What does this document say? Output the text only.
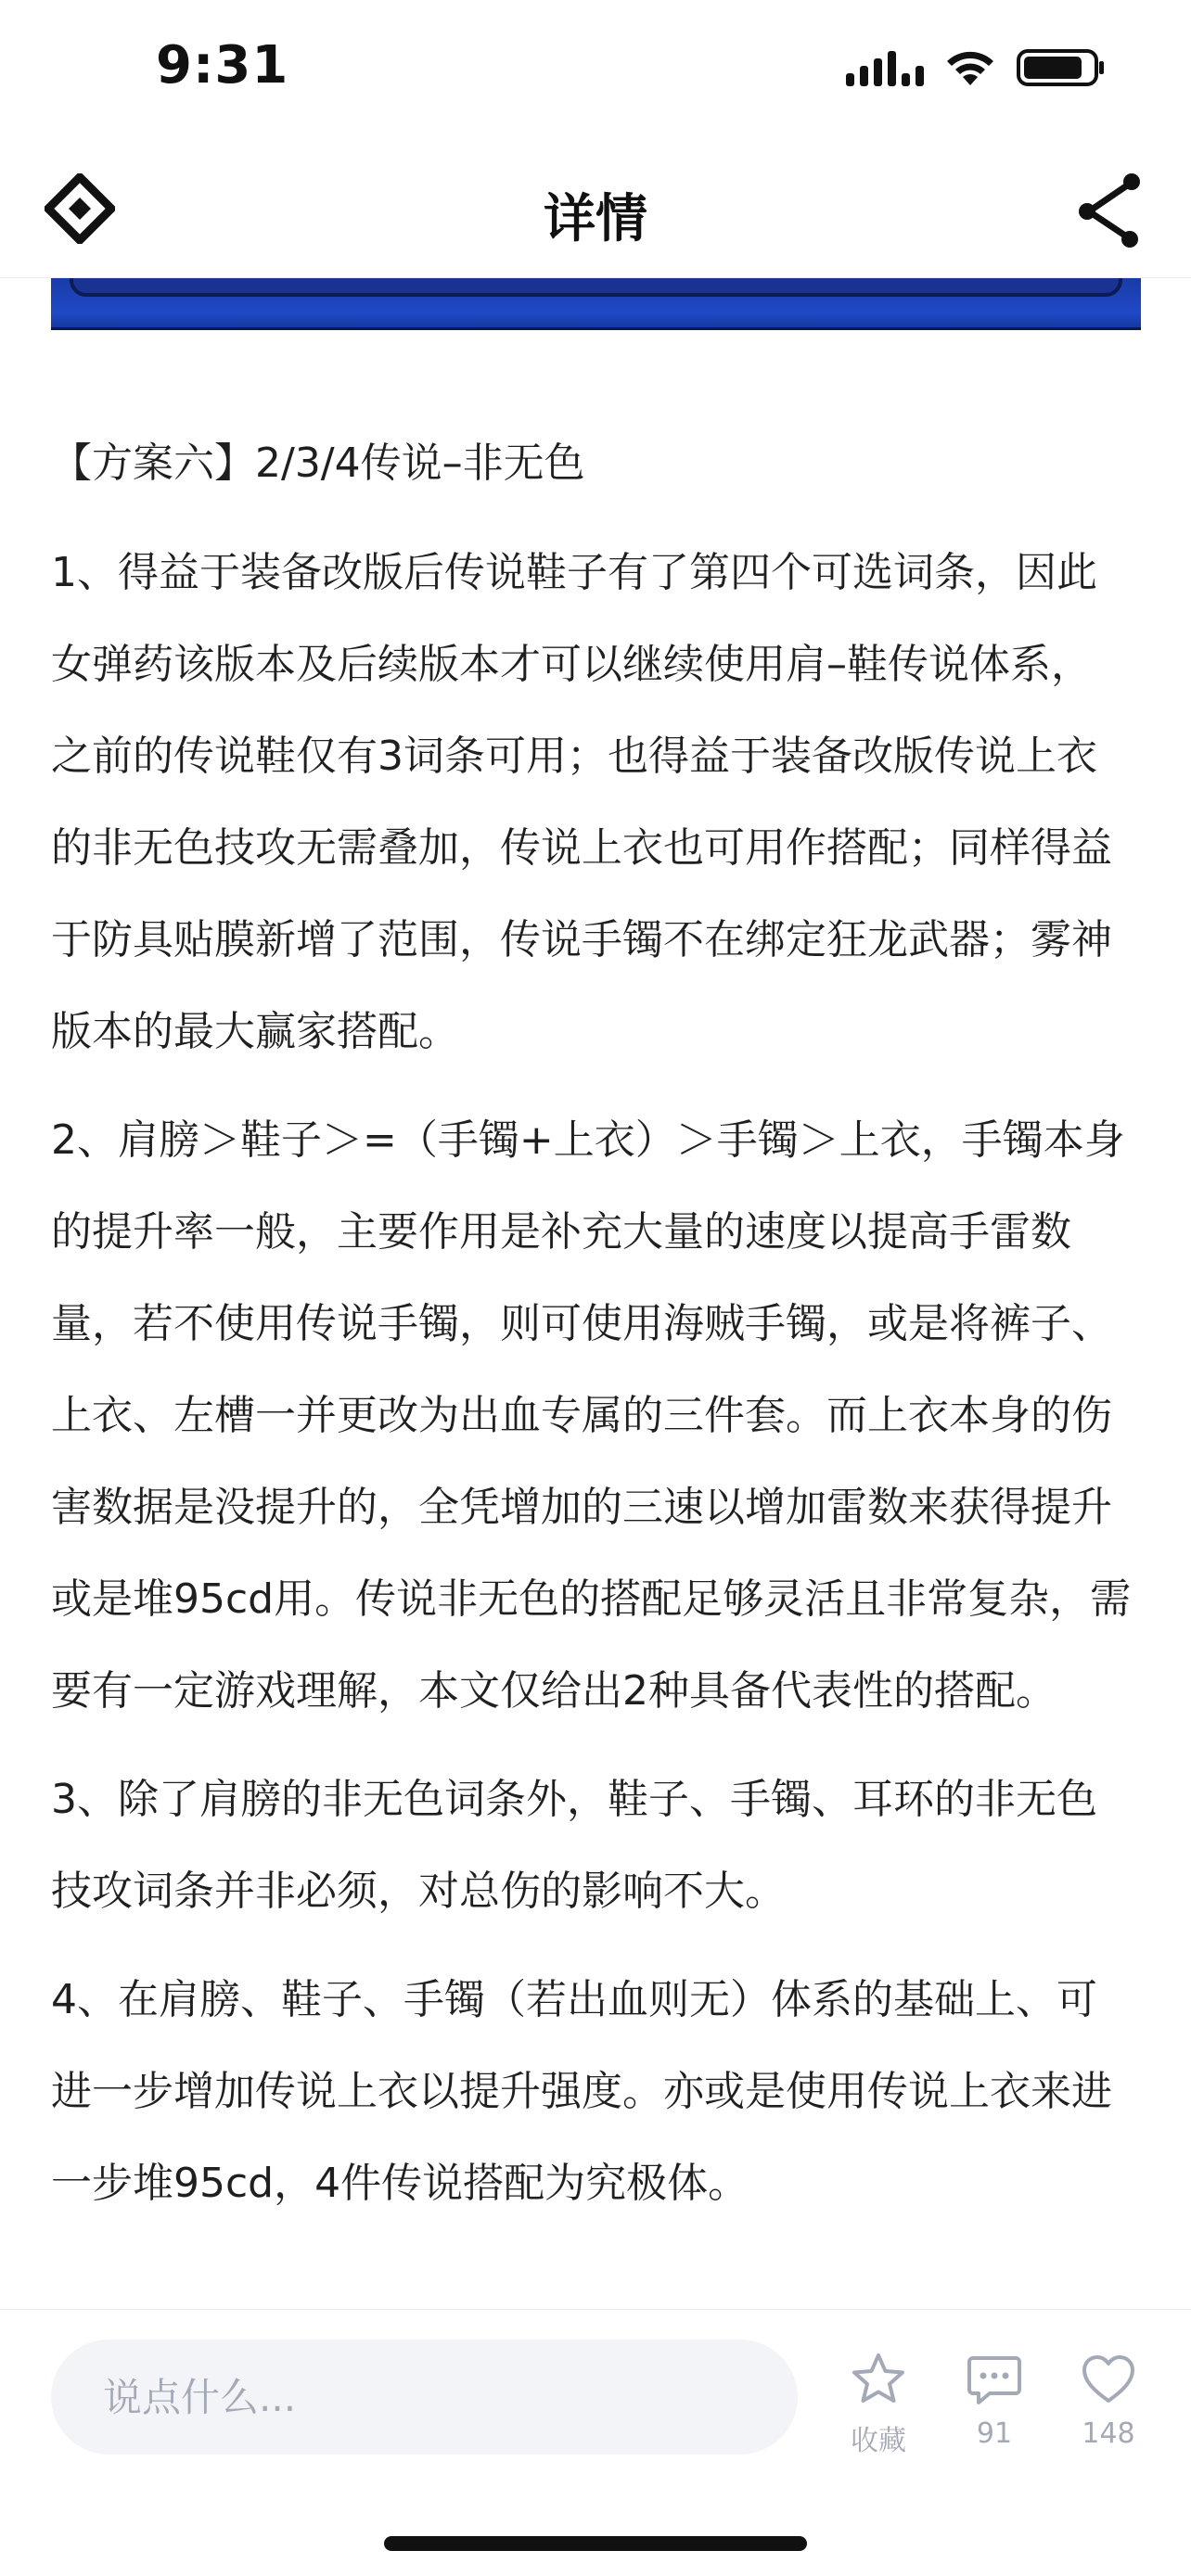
9:31
详情
【方案六】2/3/4传说–非无色
1、得益于装备改版后传说鞋子有了第四个可选词条，因此
女弹药该版本及后续版本才可以继续使用肩–鞋传说体系，
之前的传说鞋仅有3词条可用；也得益于装备改版传说上衣
的非无色技攻无需叠加，传说上衣也可用作搭配；同样得益
于防具贴膜新增了范围，传说手镯不在绑定狂龙武器；雾神
版本的最大赢家搭配。
2、肩膀＞鞋子＞=（手镯+上衣）＞手镯＞上衣，手镯本身
的提升率一般，主要作用是补充大量的速度以提高手雷数
量，若不使用传说手镯，则可使用海贼手镯，或是将裤子、
上衣、左槽一并更改为出血专属的三件套。而上衣本身的伤
害数据是没提升的，全凭增加的三速以增加雷数来获得提升
或是堆95cd用。传说非无色的搭配足够灵活且非常复杂，需
要有一定游戏理解，本文仅给出2种具备代表性的搭配。
3、除了肩膀的非无色词条外，鞋子、手镯、耳环的非无色
技攻词条并非必须，对总伤的影响不大。
4、在肩膀、鞋子、手镯（若出血则无）体系的基础上、可
进一步增加传说上衣以提升强度。亦或是使用传说上衣来进
一步堆95cd，4件传说搭配为究极体。
说点什么...
收藏	91	148
